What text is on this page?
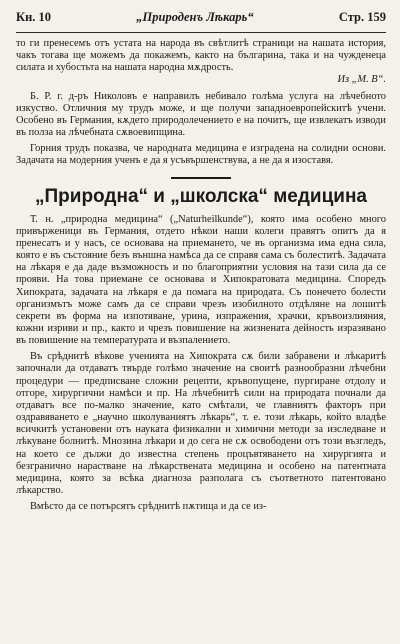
Кн. 10	„Природенъ Лѣкарь“	Стр. 159

то ги пренесемъ отъ устата на народа въ свѣтлитѣ страници на нашата история, чакъ тогава ще можемъ да покажемъ, както на българина, така и на чужденеца силата и хубостьта на нашата народна мѫдрость.

Из „М. В“.

Б. Р. г. д-ръ Николовъ е направилъ небивало голѣма услуга на лѣчебното изкуство. Отличния му трудъ може, и ще получи западноевропейскитѣ учени. Особено въ Германия, кѫдето природолечението е на почитъ, ще извлекатъ изводи въ полза на лѣчебната сѫвоевипщина.

Горния трудъ показва, че народната медицина е изградена на солидни основи. Задачата на модерния ученъ е да я усъвършенствува, а не да я изоставя.

„Природна“ и „школска“ медицина

Т. н. „природна медицина“ („Naturheilkunde“), която има особено много привърженици въ Германия, отдето нѣкои наши колеги правятъ опитъ да я пренесатъ и у насъ, се основава на приемането, че въ организма има една сила, която е въ състояние безъ външна намѣса да се справя сама съ болеститѣ. Задачата на лѣкаря е да даде възможность и по благоприятни условия на тази сила да се прояви. На това приемане се основава и Хипократовата медицина. Споредъ Хипократа, задачата на лѣкаря е да помага на природата. Съ понечето болести организмътъ може самъ да се справи чрезъ изобилното отдѣляне на лошитѣ секрети въ форма на изпотяване, урина, изпражения, храчки, кръвоизлияния, кожни изриви и пр., както и чрезъ повишение на жизнената дейность изразявано въ повишение на температурата и възпалението.

Въ срѣднитѣ вѣкове ученията на Хипократа сѫ били забравени и лѣкаритѣ започнали да отдаватъ твърде голѣмо значение на своитѣ разнообразни лѣчебни процедури — предписване сложни рецепти, кръвопущене, пургиране отдолу и отгоре, хирургични намѣси и пр. На лѣчебнитѣ сили на природата почнали да отдаватъ все по-малко значение, като смѣтали, че главниятъ факторъ при оздравяването е „научно школуваниятъ лѣкарь“, т. е. този лѣкарь, който владѣе всичкитѣ установени отъ науката физикални и химични методи за изследване и лѣкуване болнитѣ. Мнозина лѣкари и до сега не сѫ освободени отъ този възгледъ, на което се дължи до известна степень процъвтяването на хирургията и безгранично нарастване на лѣкарствената медицина и особено на патентната медицина, която за всѣка диагноза разполага съ съответното патентовано лѣкарство.

Вмѣсто да се потърсятъ срѣднитѣ пѫтища и да се из-
